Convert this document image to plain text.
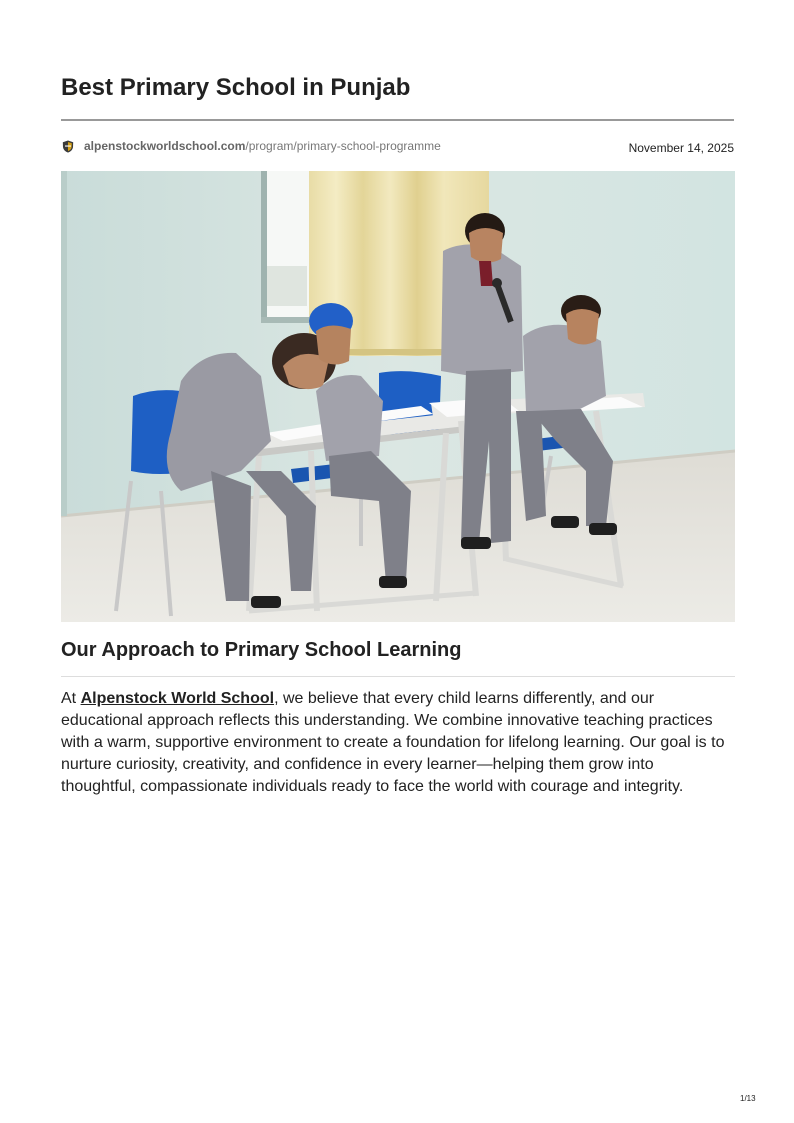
Best Primary School in Punjab
alpenstockworldschool.com /program/primary-school-programme	November 14, 2025
Our Approach to Primary School Learning

At Alpenstock World School, we believe that every child learns differently, and our
educational approach reflects this understanding. We combine innovative teaching practices
with a warm, supportive environment to create a foundation for lifelong learning. Our goal is to
nurture curiosity, creativity, and confidence in every learner—helping them grow into
thoughtful, compassionate individuals ready to face the world with courage and integrity.

1/13
